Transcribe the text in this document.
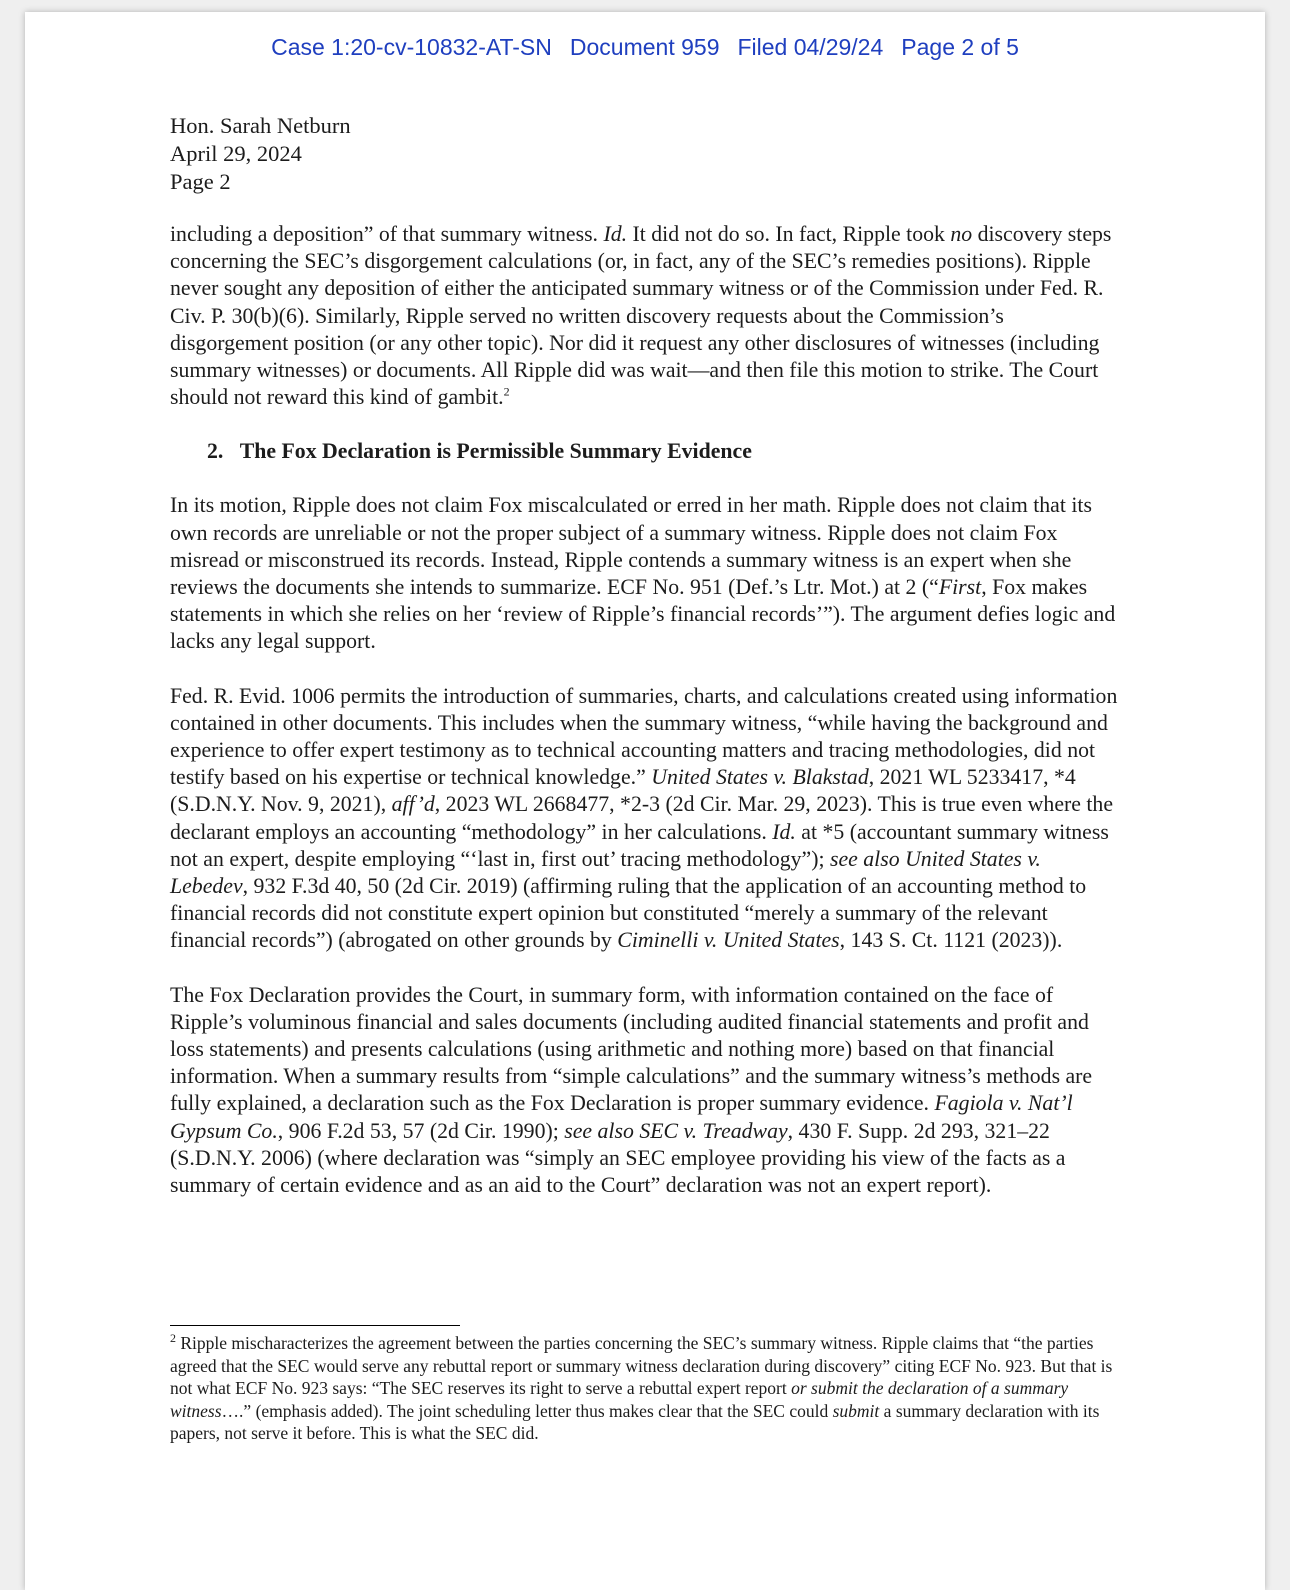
Case 1:20-cv-10832-AT-SN Document 959 Filed 04/29/24 Page 2 of 5
Hon. Sarah Netburn
April 29, 2024
Page 2

including a deposition” of that summary witness. Id. It did not do so. In fact, Ripple took no discovery steps concerning the SEC’s disgorgement calculations (or, in fact, any of the SEC’s remedies positions). Ripple never sought any deposition of either the anticipated summary witness or of the Commission under Fed. R. Civ. P. 30(b)(6). Similarly, Ripple served no written discovery requests about the Commission’s disgorgement position (or any other topic). Nor did it request any other disclosures of witnesses (including summary witnesses) or documents. All Ripple did was wait—and then file this motion to strike. The Court should not reward this kind of gambit.$^2$

2.   The Fox Declaration is Permissible Summary Evidence

In its motion, Ripple does not claim Fox miscalculated or erred in her math. Ripple does not claim that its own records are unreliable or not the proper subject of a summary witness. Ripple does not claim Fox misread or misconstrued its records. Instead, Ripple contends a summary witness is an expert when she reviews the documents she intends to summarize. ECF No. 951 (Def.’s Ltr. Mot.) at 2 (“First, Fox makes statements in which she relies on her ‘review of Ripple’s financial records’”). The argument defies logic and lacks any legal support.

Fed. R. Evid. 1006 permits the introduction of summaries, charts, and calculations created using information contained in other documents. This includes when the summary witness, “while having the background and experience to offer expert testimony as to technical accounting matters and tracing methodologies, did not testify based on his expertise or technical knowledge.” United States v. Blakstad, 2021 WL 5233417, *4 (S.D.N.Y. Nov. 9, 2021), aff’d, 2023 WL 2668477, *2-3 (2d Cir. Mar. 29, 2023). This is true even where the declarant employs an accounting “methodology” in her calculations. Id. at *5 (accountant summary witness not an expert, despite employing “‘last in, first out’ tracing methodology”); see also United States v. Lebedev, 932 F.3d 40, 50 (2d Cir. 2019) (affirming ruling that the application of an accounting method to financial records did not constitute expert opinion but constituted “merely a summary of the relevant financial records”) (abrogated on other grounds by Ciminelli v. United States, 143 S. Ct. 1121 (2023)).

The Fox Declaration provides the Court, in summary form, with information contained on the face of Ripple’s voluminous financial and sales documents (including audited financial statements and profit and loss statements) and presents calculations (using arithmetic and nothing more) based on that financial information. When a summary results from “simple calculations” and the summary witness’s methods are fully explained, a declaration such as the Fox Declaration is proper summary evidence. Fagiola v. Nat’l Gypsum Co., 906 F.2d 53, 57 (2d Cir. 1990); see also SEC v. Treadway, 430 F. Supp. 2d 293, 321–22 (S.D.N.Y. 2006) (where declaration was “simply an SEC employee providing his view of the facts as a summary of certain evidence and as an aid to the Court” declaration was not an expert report).

$^2$ Ripple mischaracterizes the agreement between the parties concerning the SEC’s summary witness. Ripple claims that “the parties agreed that the SEC would serve any rebuttal report or summary witness declaration during discovery” citing ECF No. 923. But that is not what ECF No. 923 says: “The SEC reserves its right to serve a rebuttal expert report or submit the declaration of a summary witness….” (emphasis added). The joint scheduling letter thus makes clear that the SEC could submit a summary declaration with its papers, not serve it before. This is what the SEC did.
